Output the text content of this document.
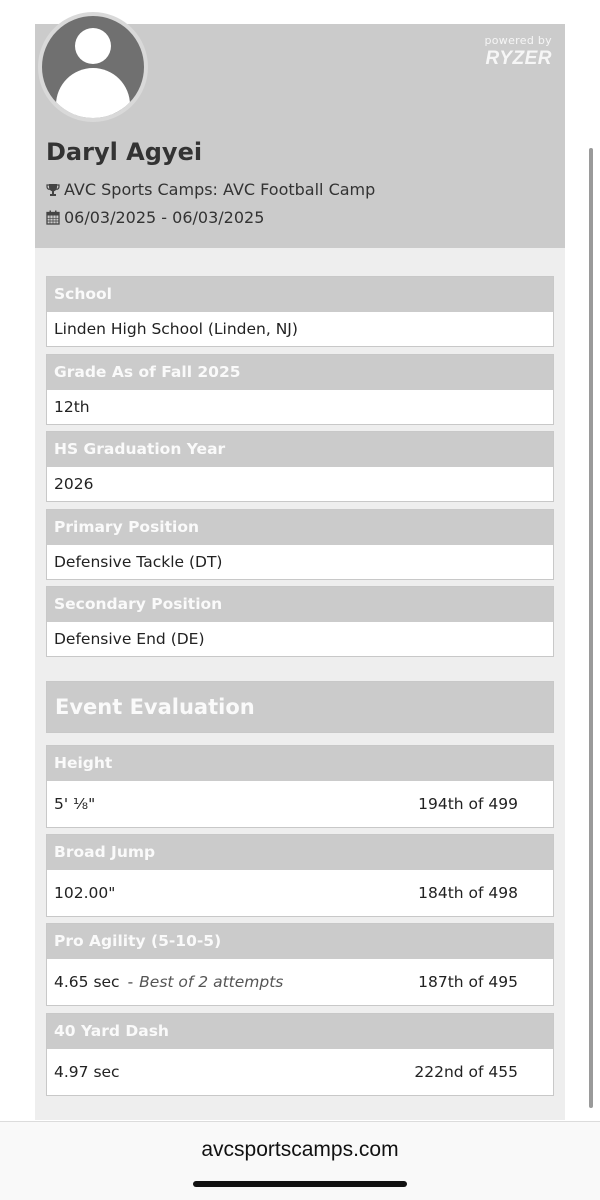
powered by
RYZER
Daryl Agyei
AVC Sports Camps: AVC Football Camp
06/03/2025 - 06/03/2025
School
Linden High School (Linden, NJ)
Grade As of Fall 2025
12th
HS Graduation Year
2026
Primary Position
Defensive Tackle (DT)
Secondary Position
Defensive End (DE)
Event Evaluation
Height
5' ⅛"	194th of 499
Broad Jump
102.00"	184th of 498
Pro Agility (5-10-5)
4.65 sec - Best of 2 attempts	187th of 495
40 Yard Dash
4.97 sec	222nd of 455
avcsportscamps.com
